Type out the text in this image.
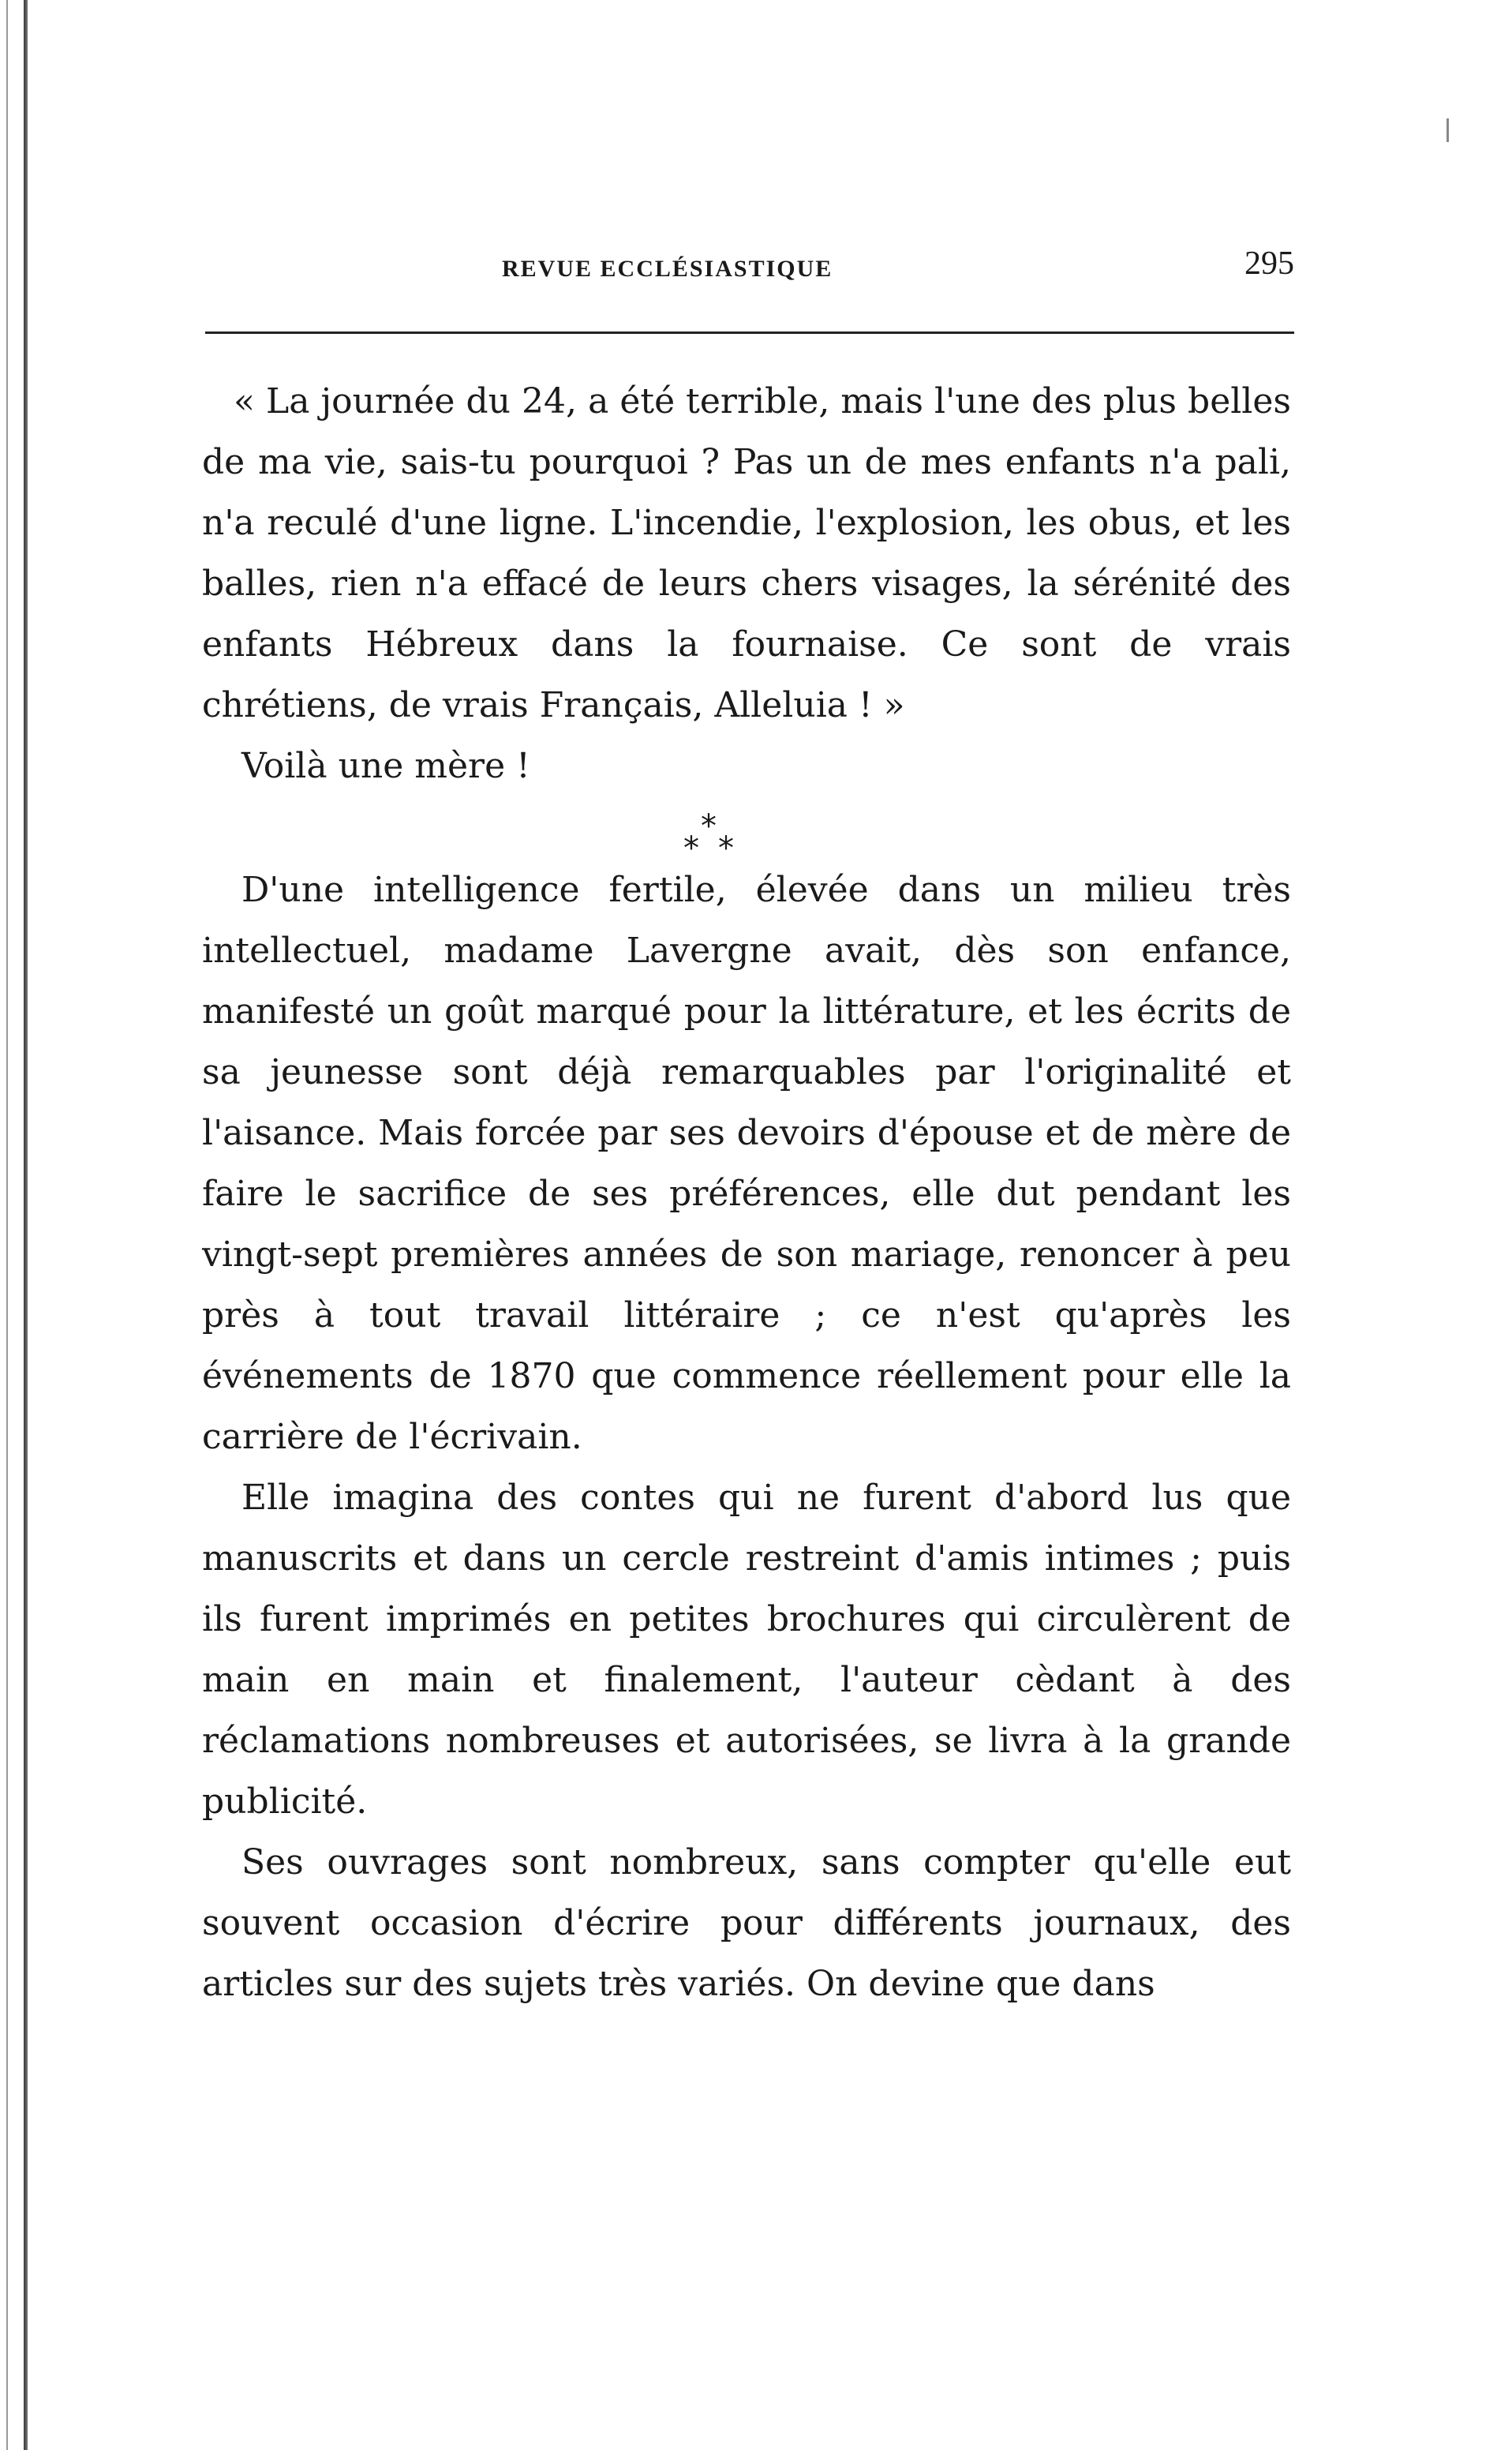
REVUE ECCLÉSIASTIQUE	295

« La journée du 24, a été terrible, mais l'une des plus belles de ma vie, sais-tu pourquoi ? Pas un de mes enfants n'a pali, n'a reculé d'une ligne. L'incendie, l'explosion, les obus, et les balles, rien n'a effacé de leurs chers visages, la sérénité des enfants Hébreux dans la fournaise. Ce sont de vrais chrétiens, de vrais Français, Alleluia ! »

Voilà une mère !

*
* *

D'une intelligence fertile, élevée dans un milieu très intellectuel, madame Lavergne avait, dès son enfance, manifesté un goût marqué pour la littérature, et les écrits de sa jeunesse sont déjà remarquables par l'originalité et l'aisance. Mais forcée par ses devoirs d'épouse et de mère de faire le sacrifice de ses préférences, elle dut pendant les vingt-sept premières années de son mariage, renoncer à peu près à tout travail littéraire ; ce n'est qu'après les événements de 1870 que commence réellement pour elle la carrière de l'écrivain.

Elle imagina des contes qui ne furent d'abord lus que manuscrits et dans un cercle restreint d'amis intimes ; puis ils furent imprimés en petites brochures qui circulèrent de main en main et finalement, l'auteur cèdant à des réclamations nombreuses et autorisées, se livra à la grande publicité.

Ses ouvrages sont nombreux, sans compter qu'elle eut souvent occasion d'écrire pour différents journaux, des articles sur des sujets très variés. On devine que dans
